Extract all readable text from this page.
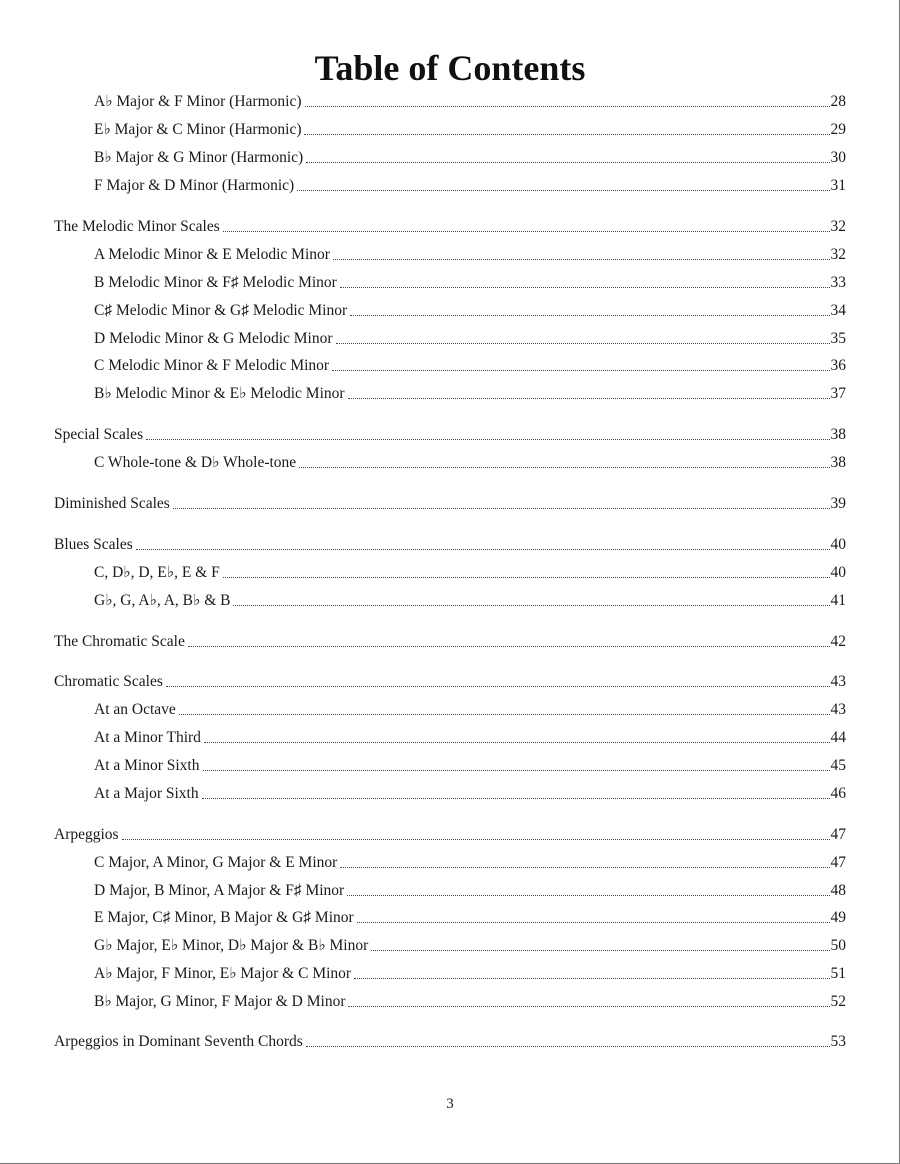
Table of Contents
A♭ Major & F Minor (Harmonic)	28
E♭ Major & C Minor (Harmonic)	29
B♭ Major & G Minor (Harmonic)	30
F Major & D Minor (Harmonic)	31
The Melodic Minor Scales	32
A Melodic Minor & E Melodic Minor	32
B Melodic Minor & F♯ Melodic Minor	33
C♯ Melodic Minor & G♯ Melodic Minor	34
D Melodic Minor & G Melodic Minor	35
C Melodic Minor & F Melodic Minor	36
B♭ Melodic Minor & E♭ Melodic Minor	37
Special Scales	38
C Whole-tone & D♭ Whole-tone	38
Diminished Scales	39
Blues Scales	40
C, D♭, D, E♭, E & F	40
G♭, G, A♭, A, B♭ & B	41
The Chromatic Scale	42
Chromatic Scales	43
At an Octave	43
At a Minor Third	44
At a Minor Sixth	45
At a Major Sixth	46
Arpeggios	47
C Major, A Minor, G Major & E Minor	47
D Major, B Minor, A Major & F♯ Minor	48
E Major, C♯ Minor, B Major & G♯ Minor	49
G♭ Major, E♭ Minor, D♭ Major & B♭ Minor	50
A♭ Major, F Minor, E♭ Major & C Minor	51
B♭ Major, G Minor, F Major & D Minor	52
Arpeggios in Dominant Seventh Chords	53
3
